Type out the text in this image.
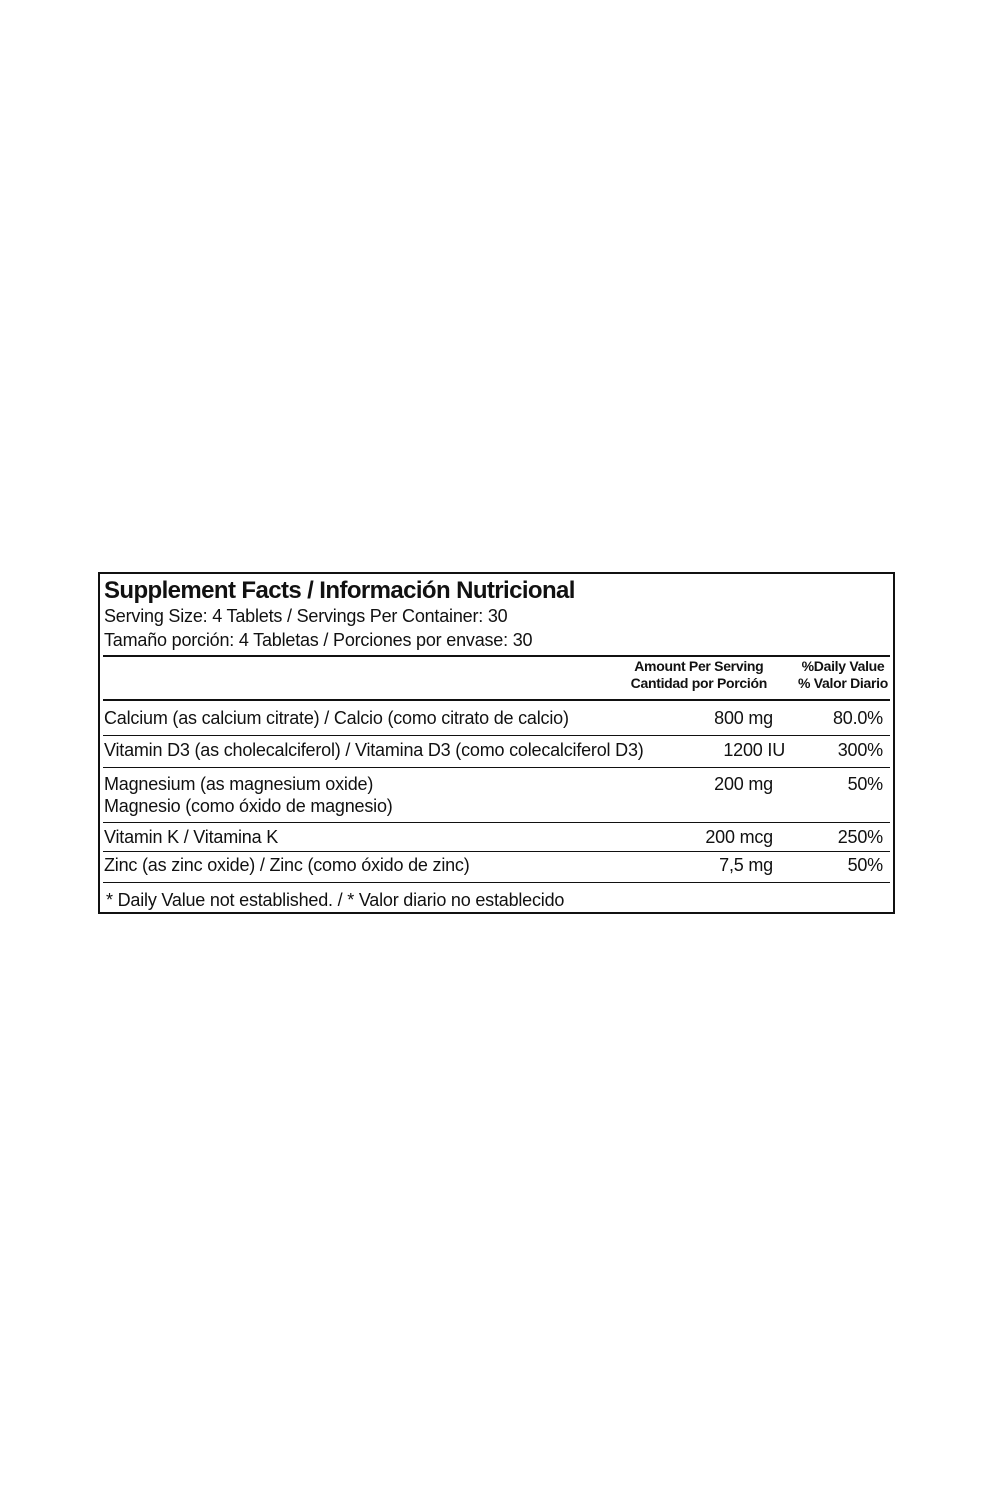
Supplement Facts / Información Nutricional
Serving Size: 4 Tablets / Servings Per Container: 30
Tamaño porción: 4 Tabletas / Porciones por envase: 30
Amount Per Serving
Cantidad por Porción
%Daily Value
% Valor Diario
Calcium (as calcium citrate) / Calcio (como citrato de calcio)	800 mg	80.0%
Vitamin D3 (as cholecalciferol) / Vitamina D3 (como colecalciferol D3)	1200 IU	300%
Magnesium (as magnesium oxide)
Magnesio (como óxido de magnesio)
200 mg	50%
Vitamin K / Vitamina K	200 mcg	250%
Zinc (as zinc oxide) / Zinc (como óxido de zinc)	7,5 mg	50%
* Daily Value not established. / * Valor diario no establecido
